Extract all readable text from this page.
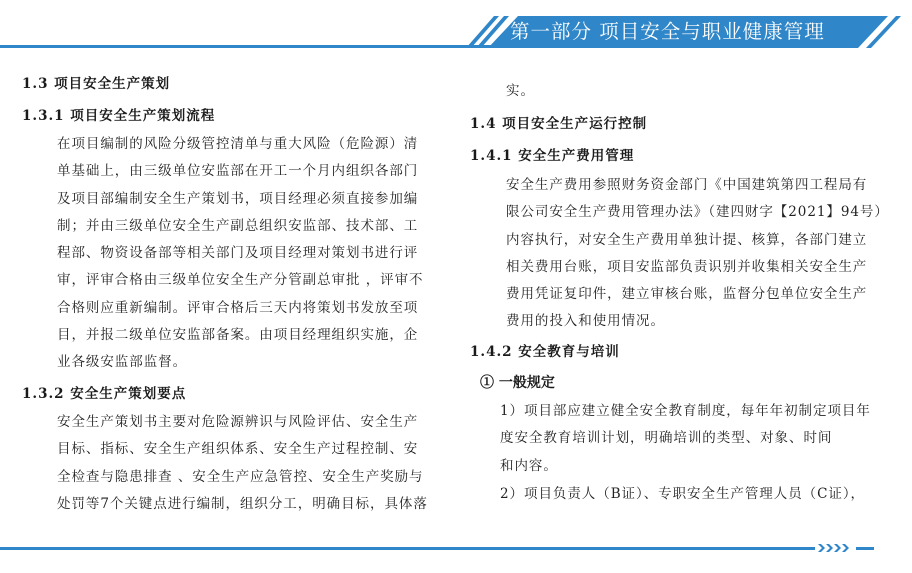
第一部分 项目安全与职业健康管理
1.3 项目安全生产策划
1.3.1 项目安全生产策划流程
在项目编制的风险分级管控清单与重大风险（危险源）清
单基础上，由三级单位安监部在开工一个月内组织各部门
及项目部编制安全生产策划书，项目经理必须直接参加编
制；并由三级单位安全生产副总组织安监部、技术部、工
程部、物资设备部等相关部门及项目经理对策划书进行评
审，评审合格由三级单位安全生产分管副总审批 ，评审不
合格则应重新编制。评审合格后三天内将策划书发放至项
目，并报二级单位安监部备案。由项目经理组织实施，企
业各级安监部监督。
1.3.2 安全生产策划要点
安全生产策划书主要对危险源辨识与风险评估、安全生产
目标、指标、安全生产组织体系、安全生产过程控制、安
全检查与隐患排查 、安全生产应急管控、安全生产奖励与
处罚等7个关键点进行编制，组织分工，明确目标，具体落
实。
1.4 项目安全生产运行控制
1.4.1 安全生产费用管理
安全生产费用参照财务资金部门《中国建筑第四工程局有
限公司安全生产费用管理办法》（建四财字【2021】94号）
内容执行，对安全生产费用单独计提、核算，各部门建立
相关费用台账，项目安监部负责识别并收集相关安全生产
费用凭证复印件，建立审核台账，监督分包单位安全生产
费用的投入和使用情况。
1.4.2 安全教育与培训
① 一般规定
1）项目部应建立健全安全教育制度，每年年初制定项目年
度安全教育培训计划，明确培训的类型、对象、时间
和内容。
2）项目负责人（B证）、专职安全生产管理人员（C证），
